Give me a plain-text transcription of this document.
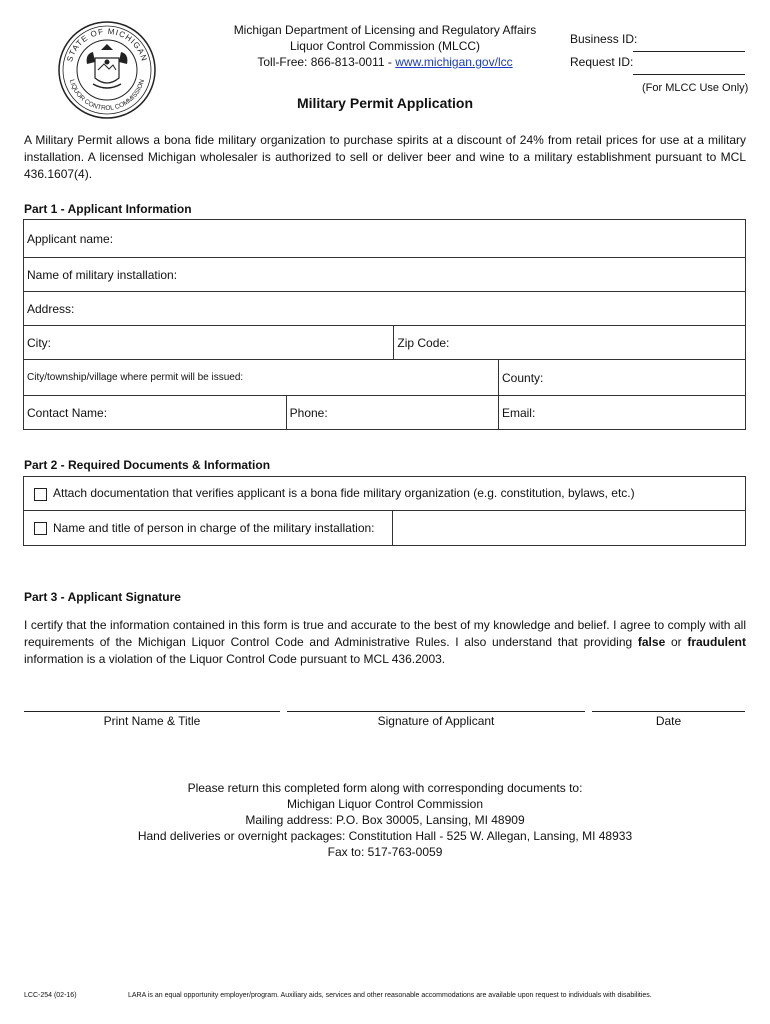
STATE OF MICHIGAN
LIQUOR CONTROL COMMISSION
Michigan Department of Licensing and Regulatory Affairs
Liquor Control Commission (MLCC)
Toll-Free: 866-813-0011 - www.michigan.gov/lcc
Business ID:
Request ID:
(For MLCC Use Only)
Military Permit Application
A Military Permit allows a bona fide military organization to purchase spirits at a discount of 24% from retail prices for use at a military installation. A licensed Michigan wholesaler is authorized to sell or deliver beer and wine to a military establishment pursuant to MCL 436.1607(4).
Part 1 - Applicant Information
Applicant name:			
Name of military installation:			
Address:			
City:		Zip Code:	
City/township/village where permit will be issued:			County:
Contact Name:	Phone:		Email:
Part 2 - Required Documents & Information
Attach documentation that verifies applicant is a bona fide military organization (e.g. constitution, bylaws, etc.)
Name and title of person in charge of the military installation:	
Part 3 - Applicant Signature
I certify that the information contained in this form is true and accurate to the best of my knowledge and belief. I agree to comply with all requirements of the Michigan Liquor Control Code and Administrative Rules. I also understand that providing false or fraudulent information is a violation of the Liquor Control Code pursuant to MCL 436.2003.
Print Name & Title	Signature of Applicant	Date
Please return this completed form along with corresponding documents to:
Michigan Liquor Control Commission
Mailing address: P.O. Box 30005, Lansing, MI 48909
Hand deliveries or overnight packages: Constitution Hall - 525 W. Allegan, Lansing, MI 48933
Fax to: 517-763-0059
LCC-254 (02-16)	LARA is an equal opportunity employer/program. Auxiliary aids, services and other reasonable accommodations are available upon request to individuals with disabilities.
